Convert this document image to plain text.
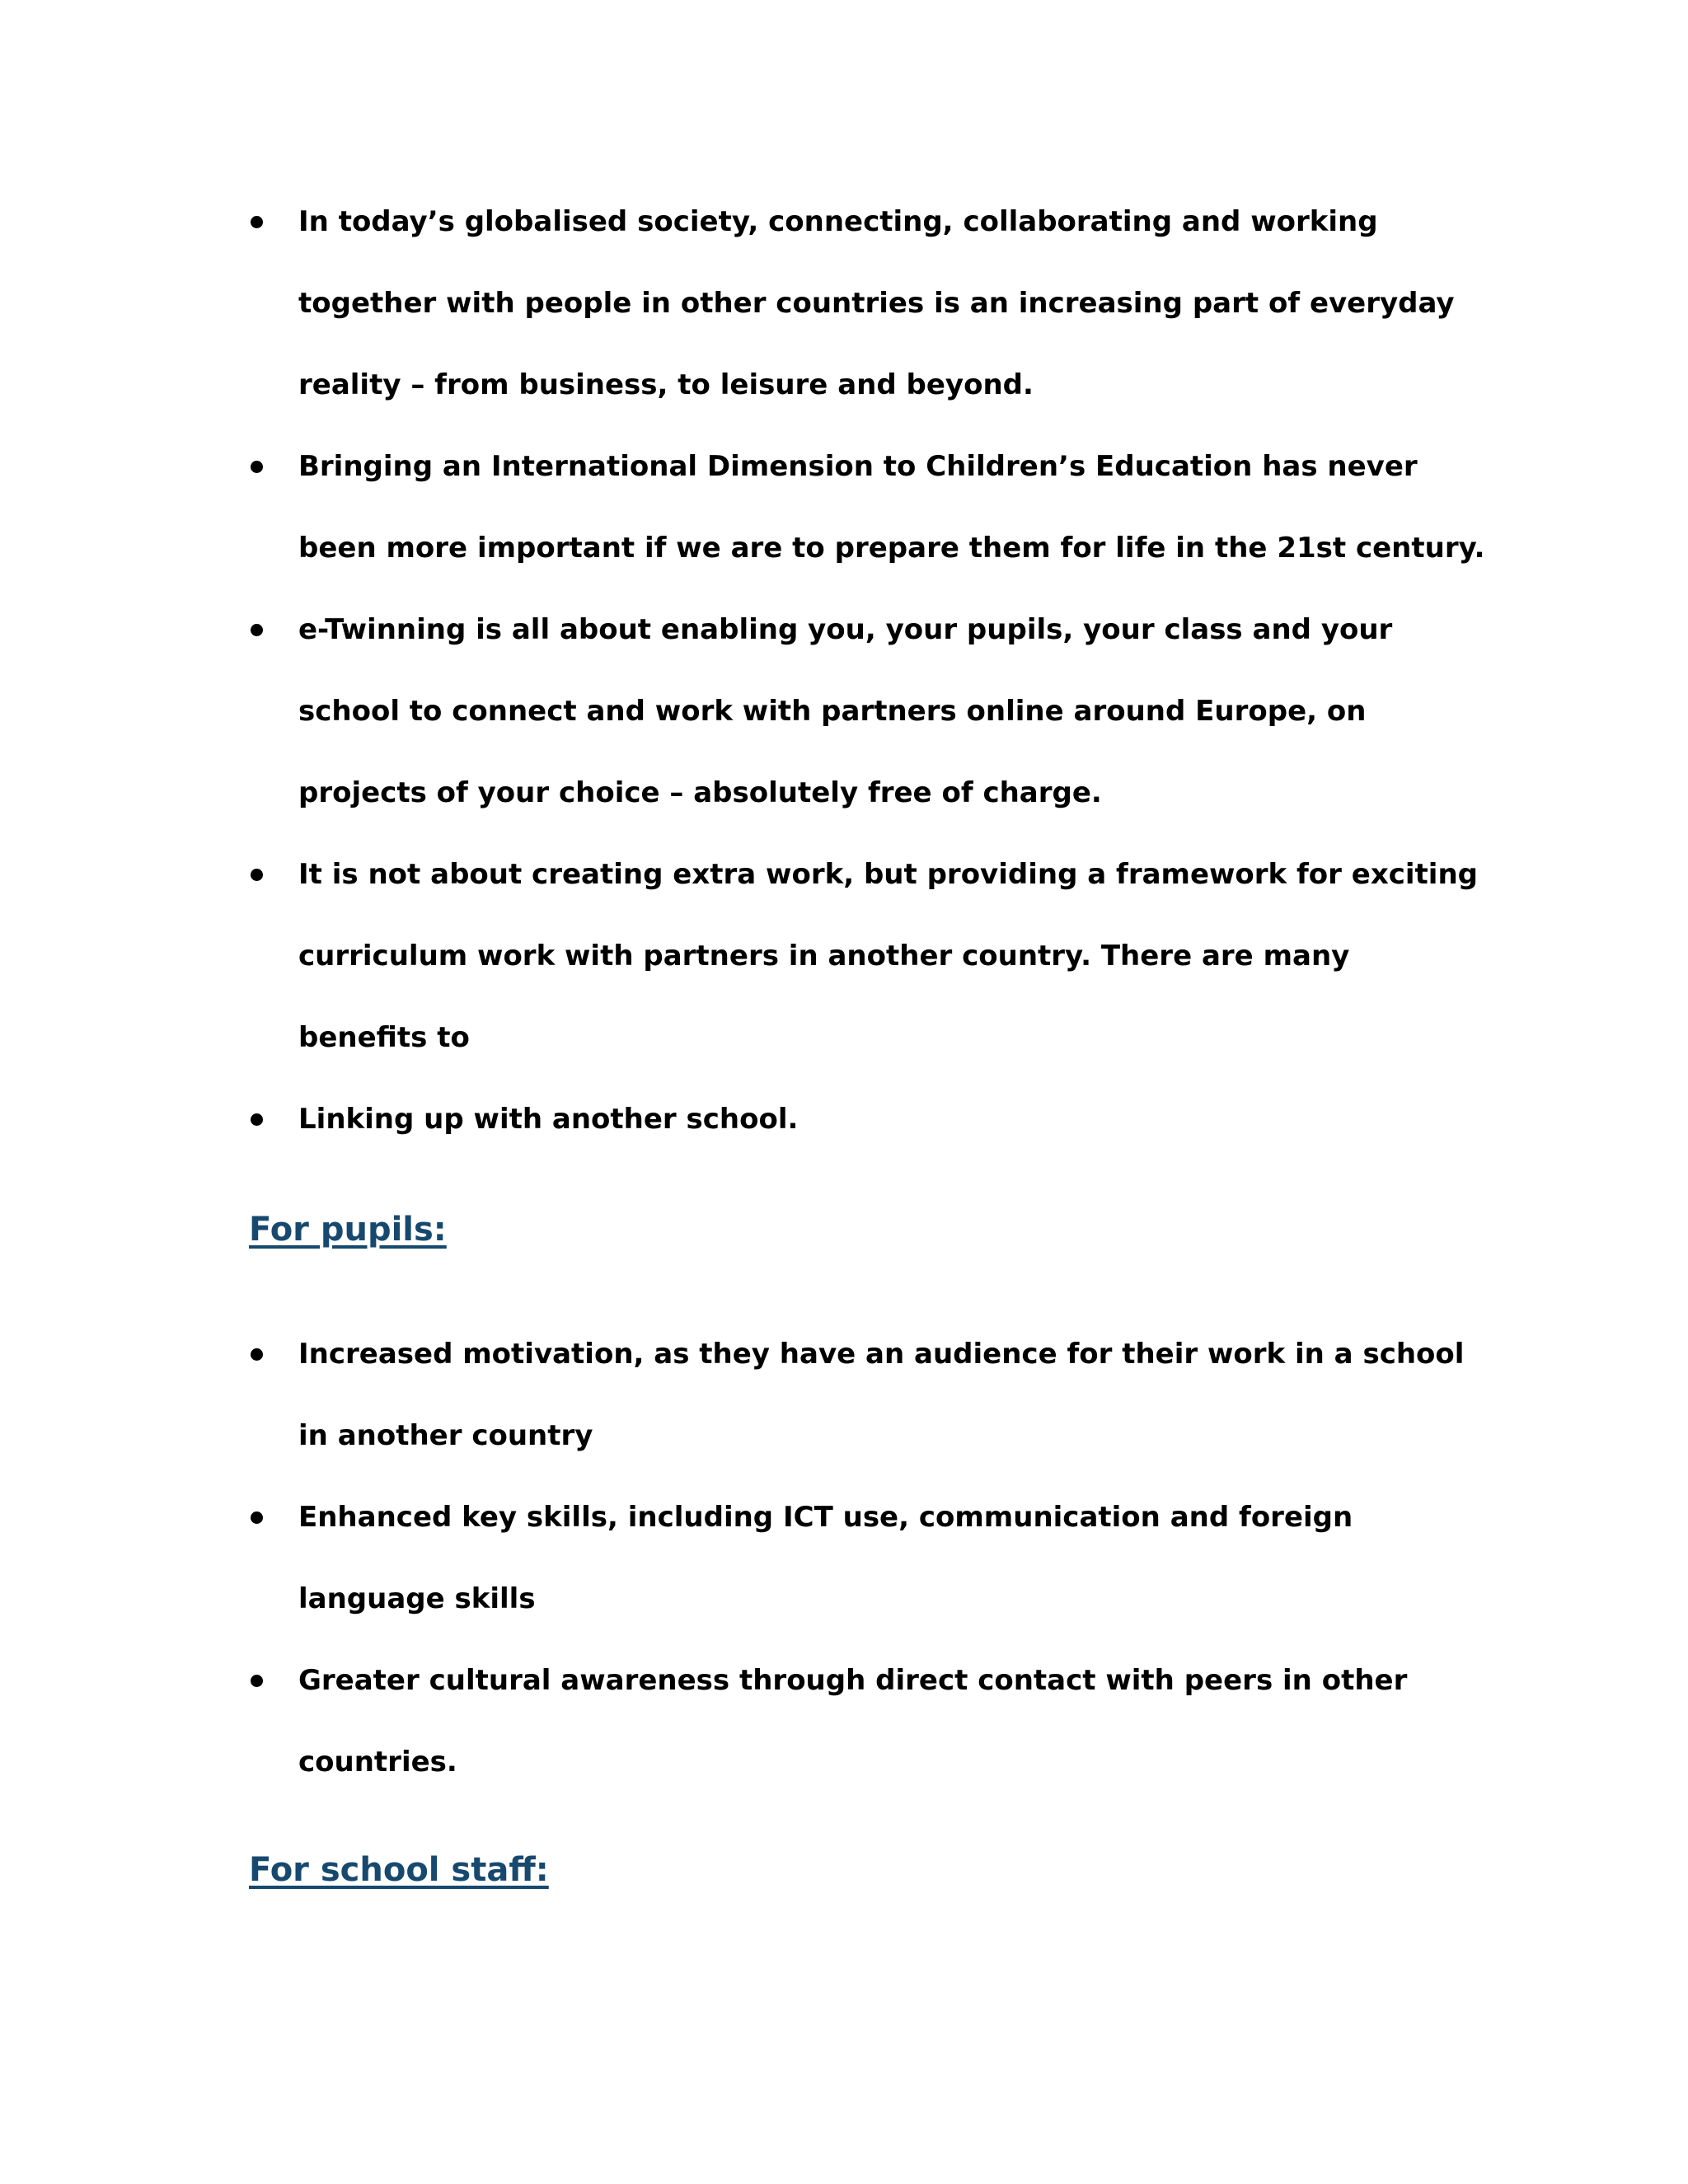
In today’s globalised society, connecting, collaborating and working together with people in other countries is an increasing part of everyday reality – from business, to leisure and beyond.
Bringing an International Dimension to Children’s Education has never been more important if we are to prepare them for life in the 21st century.
e-Twinning is all about enabling you, your pupils, your class and your school to connect and work with partners online around Europe, on projects of your choice – absolutely free of charge.
It is not about creating extra work, but providing a framework for exciting curriculum work with partners in another country. There are many benefits to
Linking up with another school.
For pupils:
Increased motivation, as they have an audience for their work in a school in another country
Enhanced key skills, including ICT use, communication and foreign language skills
Greater cultural awareness through direct contact with peers in other countries.
For school staff:
